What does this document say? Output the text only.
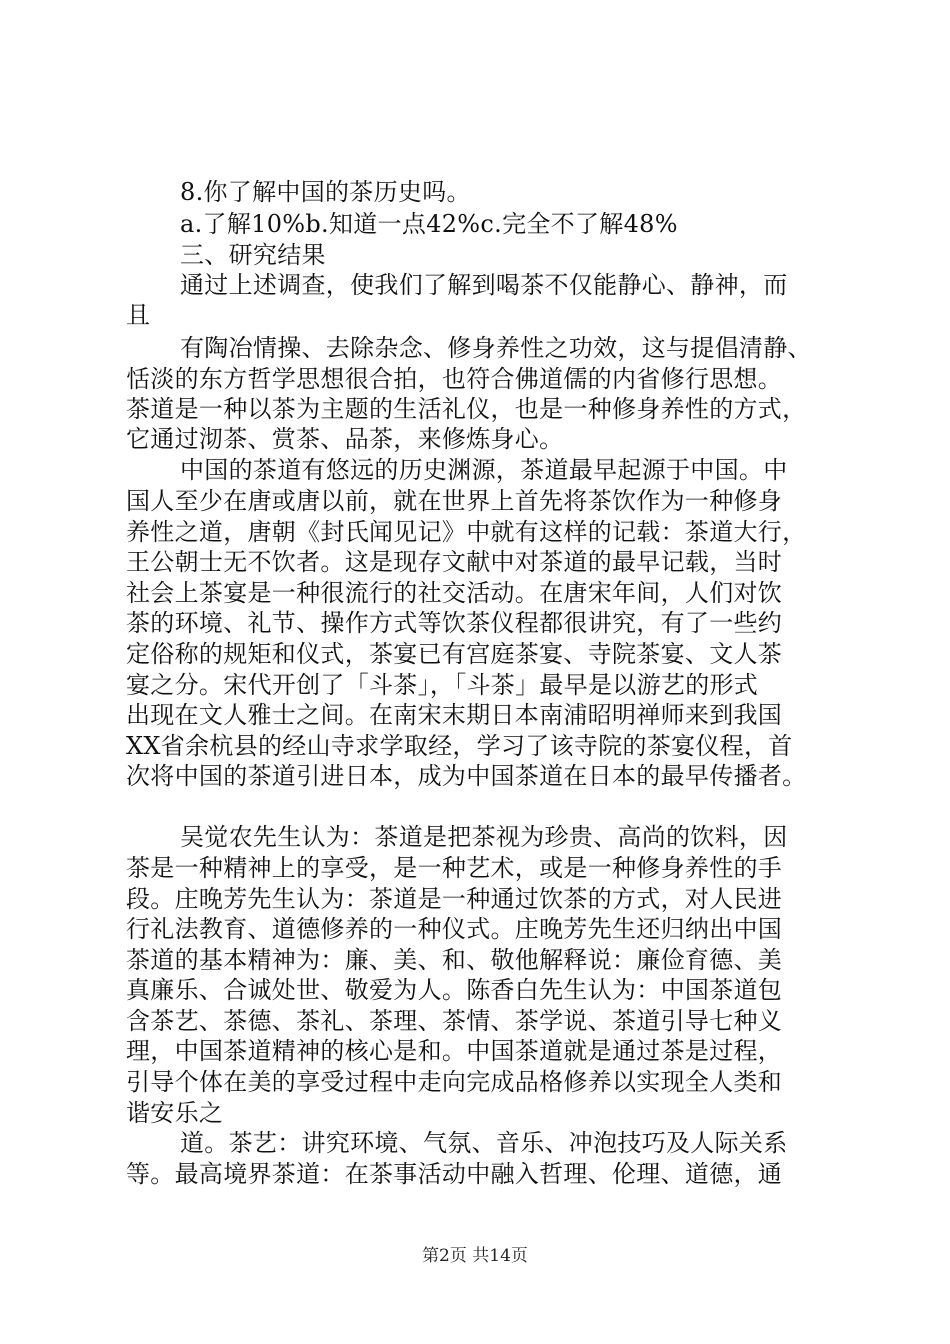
8.你了解中国的茶历史吗。

a.了解10%b.知道一点42%c.完全不了解48%

三、研究结果

通过上述调查，使我们了解到喝茶不仅能静心、静神，而

且

有陶冶情操、去除杂念、修身养性之功效，这与提倡清静、

恬淡的东方哲学思想很合拍，也符合佛道儒的内省修行思想。

茶道是一种以茶为主题的生活礼仪，也是一种修身养性的方式，

它通过沏茶、赏茶、品茶，来修炼身心。

中国的茶道有悠远的历史渊源，茶道最早起源于中国。中

国人至少在唐或唐以前，就在世界上首先将茶饮作为一种修身

养性之道，唐朝《封氏闻见记》中就有这样的记载：茶道大行，

王公朝士无不饮者。这是现存文献中对茶道的最早记载，当时

社会上茶宴是一种很流行的社交活动。在唐宋年间，人们对饮

茶的环境、礼节、操作方式等饮茶仪程都很讲究，有了一些约

定俗称的规矩和仪式，茶宴已有宫庭茶宴、寺院茶宴、文人茶

宴之分。宋代开创了「斗茶」，「斗茶」最早是以游艺的形式

出现在文人雅士之间。在南宋末期日本南浦昭明禅师来到我国

XX省余杭县的经山寺求学取经，学习了该寺院的茶宴仪程，首

次将中国的茶道引进日本，成为中国茶道在日本的最早传播者。

吴觉农先生认为：茶道是把茶视为珍贵、高尚的饮料，因

茶是一种精神上的享受，是一种艺术，或是一种修身养性的手

段。庄晚芳先生认为：茶道是一种通过饮茶的方式，对人民进

行礼法教育、道德修养的一种仪式。庄晚芳先生还归纳出中国

茶道的基本精神为：廉、美、和、敬他解释说：廉俭育德、美

真廉乐、合诚处世、敬爱为人。陈香白先生认为：中国茶道包

含茶艺、茶德、茶礼、茶理、茶情、茶学说、茶道引导七种义

理，中国茶道精神的核心是和。中国茶道就是通过茶是过程，

引导个体在美的享受过程中走向完成品格修养以实现全人类和

谐安乐之

道。茶艺：讲究环境、气氛、音乐、冲泡技巧及人际关系

等。最高境界茶道：在茶事活动中融入哲理、伦理、道德，通

第2页 共14页
